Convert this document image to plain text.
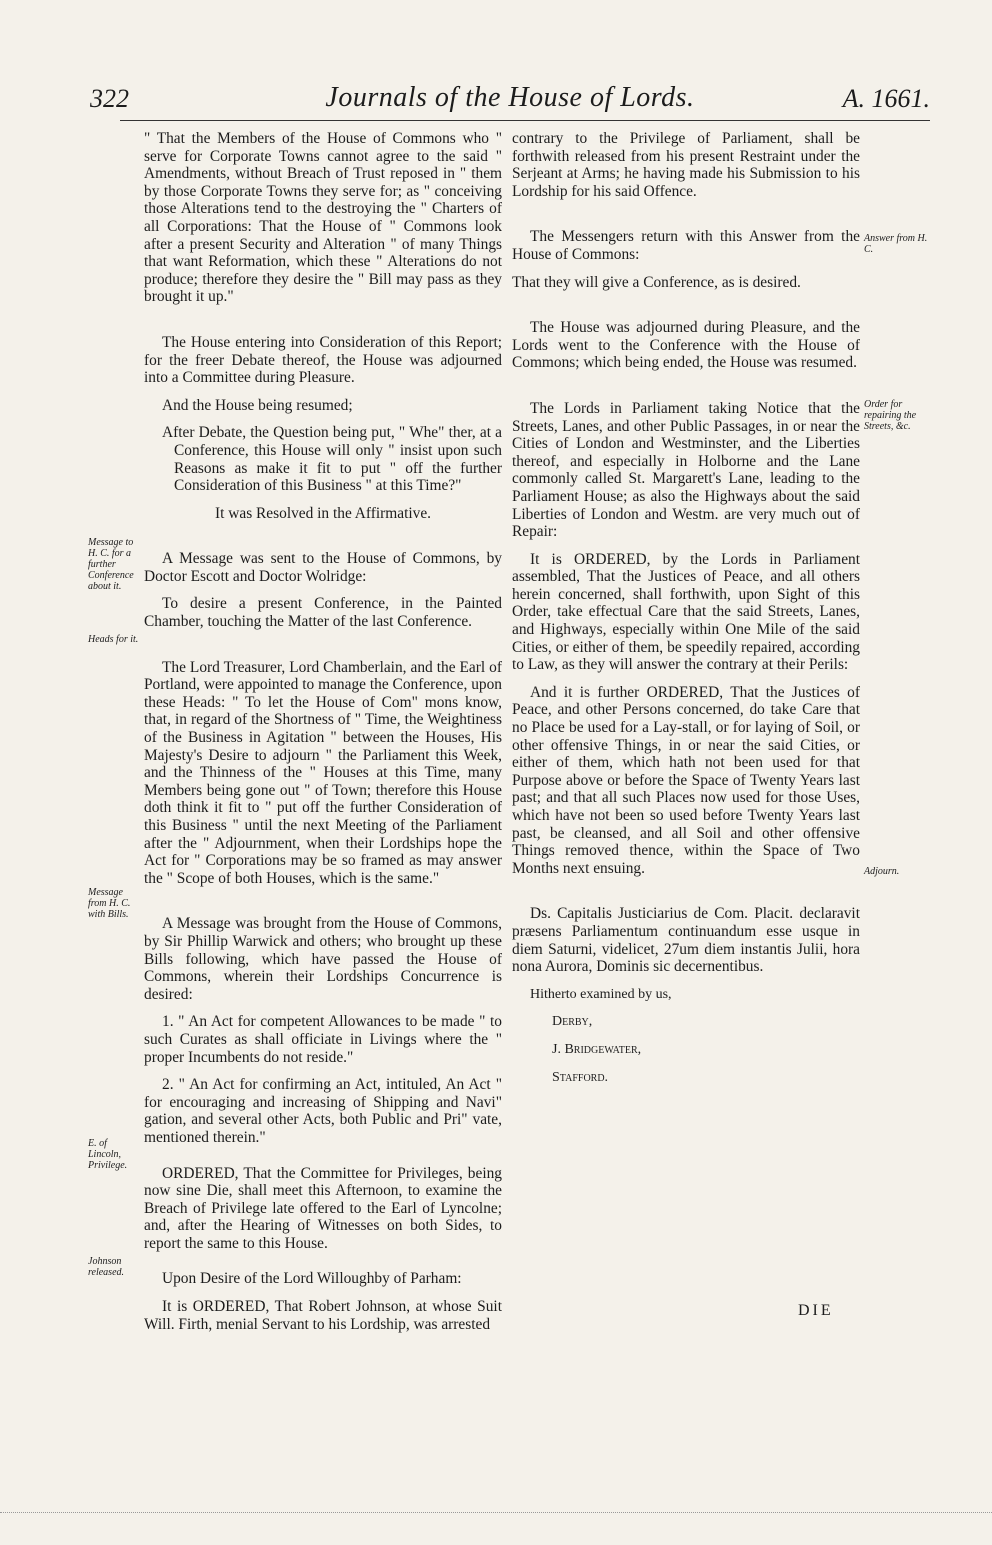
322	Journals of the House of Lords.	A. 1661.

" That the Members of the House of Commons who " serve for Corporate Towns cannot agree to the said " Amendments, without Breach of Trust reposed in " them by those Corporate Towns they serve for; as " conceiving those Alterations tend to the destroying the " Charters of all Corporations: That the House of " Commons look after a present Security and Alteration " of many Things that want Reformation, which these " Alterations do not produce; therefore they desire the " Bill may pass as they brought it up."

The House entering into Consideration of this Report; for the freer Debate thereof, the House was adjourned into a Committee during Pleasure.

And the House being resumed;

After Debate, the Question being put, " Whe" ther, at a Conference, this House will only " insist upon such Reasons as make it fit to put " off the further Consideration of this Business " at this Time?"

It was Resolved in the Affirmative.

A Message was sent to the House of Commons, by Doctor Escott and Doctor Wolridge:

To desire a present Conference, in the Painted Chamber, touching the Matter of the last Conference.

The Lord Treasurer, Lord Chamberlain, and the Earl of Portland, were appointed to manage the Conference, upon these Heads: " To let the House of Com" mons know, that, in regard of the Shortness of " Time, the Weightiness of the Business in Agitation " between the Houses, His Majesty's Desire to adjourn " the Parliament this Week, and the Thinness of the " Houses at this Time, many Members being gone out " of Town; therefore this House doth think it fit to " put off the further Consideration of this Business " until the next Meeting of the Parliament after the " Adjournment, when their Lordships hope the Act for " Corporations may be so framed as may answer the " Scope of both Houses, which is the same."

A Message was brought from the House of Commons, by Sir Phillip Warwick and others; who brought up these Bills following, which have passed the House of Commons, wherein their Lordships Concurrence is desired:

1. " An Act for competent Allowances to be made " to such Curates as shall officiate in Livings where the " proper Incumbents do not reside."

2. " An Act for confirming an Act, intituled, An Act " for encouraging and increasing of Shipping and Navi" gation, and several other Acts, both Public and Pri" vate, mentioned therein."

ORDERED, That the Committee for Privileges, being now sine Die, shall meet this Afternoon, to examine the Breach of Privilege late offered to the Earl of Lyncolne; and, after the Hearing of Witnesses on both Sides, to report the same to this House.

Upon Desire of the Lord Willoughby of Parham:

It is ORDERED, That Robert Johnson, at whose Suit Will. Firth, menial Servant to his Lordship, was arrested

contrary to the Privilege of Parliament, shall be forthwith released from his present Restraint under the Serjeant at Arms; he having made his Submission to his Lordship for his said Offence.

The Messengers return with this Answer from the House of Commons:

That they will give a Conference, as is desired.

The House was adjourned during Pleasure, and the Lords went to the Conference with the House of Commons; which being ended, the House was resumed.

The Lords in Parliament taking Notice that the Streets, Lanes, and other Public Passages, in or near the Cities of London and Westminster, and the Liberties thereof, and especially in Holborne and the Lane commonly called St. Margarett's Lane, leading to the Parliament House; as also the Highways about the said Liberties of London and Westm. are very much out of Repair:

It is ORDERED, by the Lords in Parliament assembled, That the Justices of Peace, and all others herein concerned, shall forthwith, upon Sight of this Order, take effectual Care that the said Streets, Lanes, and Highways, especially within One Mile of the said Cities, or either of them, be speedily repaired, according to Law, as they will answer the contrary at their Perils:

And it is further ORDERED, That the Justices of Peace, and other Persons concerned, do take Care that no Place be used for a Lay-stall, or for laying of Soil, or other offensive Things, in or near the said Cities, or either of them, which hath not been used for that Purpose above or before the Space of Twenty Years last past; and that all such Places now used for those Uses, which have not been so used before Twenty Years last past, be cleansed, and all Soil and other offensive Things removed thence, within the Space of Two Months next ensuing.

Ds. Capitalis Justiciarius de Com. Placit. declaravit præsens Parliamentum continuandum esse usque in diem Saturni, videlicet, 27um diem instantis Julii, hora nona Aurora, Dominis sic decernentibus.

Hitherto examined by us,

Derby,

J. Bridgewater,

Stafford.

Message to H. C. for a further Conference about it.
Heads for it.
Message from H. C. with Bills.
E. of Lincoln, Privilege.
Johnson released.
Answer from H. C.
Order for repairing the Streets, &c.
Adjourn.
DIE
